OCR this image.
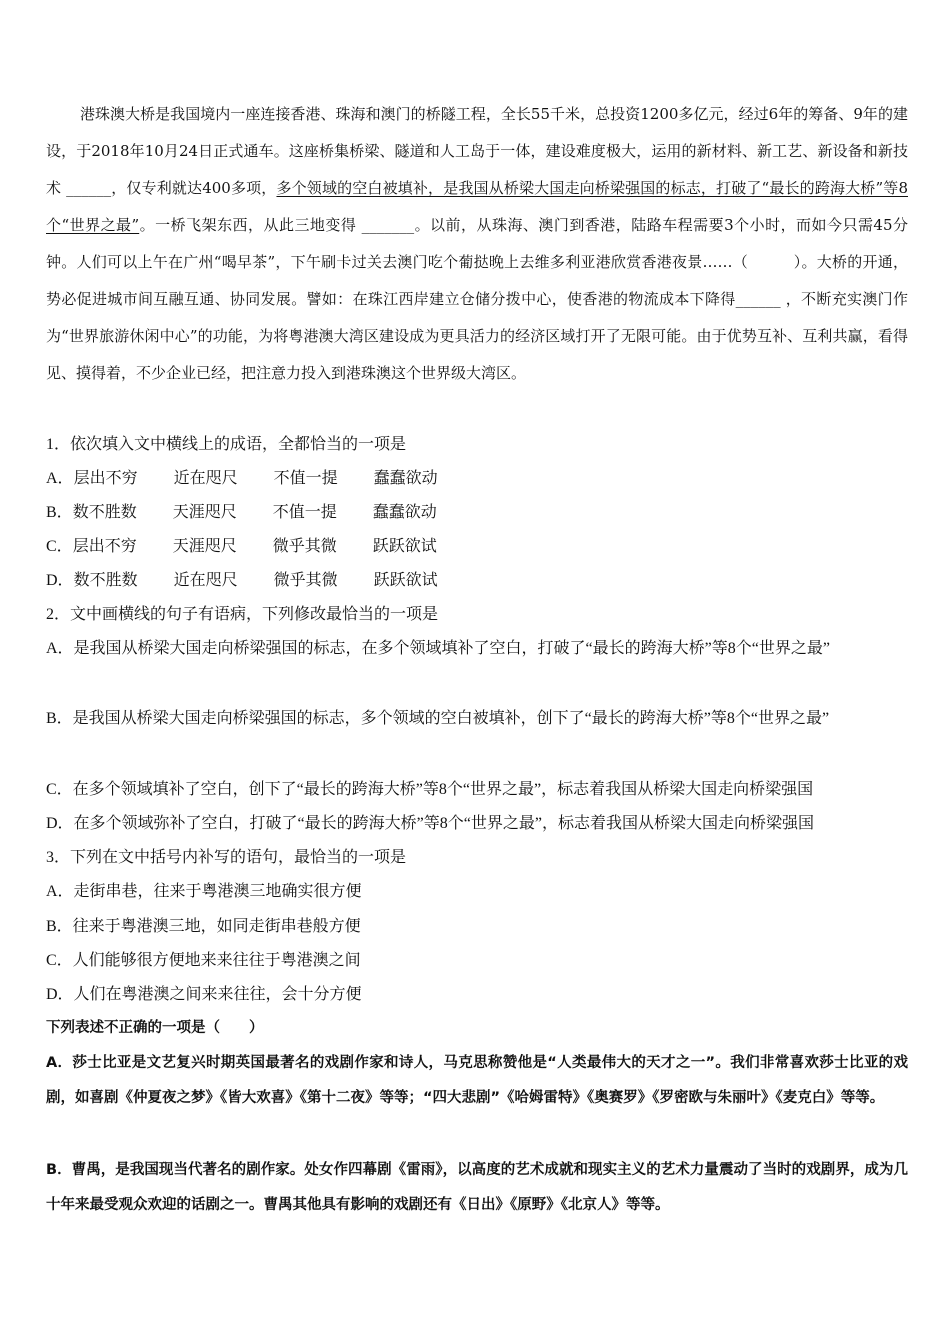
港珠澳大桥是我国境内一座连接香港、珠海和澳门的桥隧工程，全长55千米，总投资1200多亿元，经过6年的筹备、9年的建设，于2018年10月24日正式通车。这座桥集桥梁、隧道和人工岛于一体，建设难度极大，运用的新材料、新工艺、新设备和新技术 ______，仅专利就达400多项，多个领域的空白被填补，是我国从桥梁大国走向桥梁强国的标志，打破了“最长的跨海大桥”等8个“世界之最”。一桥飞架东西，从此三地变得 _______。以前，从珠海、澳门到香港，陆路车程需要3个小时，而如今只需45分钟。人们可以上午在广州“喝早茶”，下午刷卡过关去澳门吃个葡挞晚上去维多利亚港欣赏香港夜景……（　　　）。大桥的开通，势必促进城市间互融互通、协同发展。譬如：在珠江西岸建立仓储分拨中心，使香港的物流成本下降得______ ，不断充实澳门作为“世界旅游休闲中心”的功能，为将粤港澳大湾区建设成为更具活力的经济区域打开了无限可能。由于优势互补、互利共赢，看得见、摸得着，不少企业已经，把注意力投入到港珠澳这个世界级大湾区。

1．依次填入文中横线上的成语，全都恰当的一项是

A．层出不穷 近在咫尺 不值一提 蠢蠢欲动

B．数不胜数 天涯咫尺 不值一提 蠢蠢欲动

C．层出不穷 天涯咫尺 微乎其微 跃跃欲试

D．数不胜数 近在咫尺 微乎其微 跃跃欲试

2．文中画横线的句子有语病，下列修改最恰当的一项是

A．是我国从桥梁大国走向桥梁强国的标志，在多个领域填补了空白，打破了“最长的跨海大桥”等8个“世界之最”

B．是我国从桥梁大国走向桥梁强国的标志，多个领域的空白被填补，创下了“最长的跨海大桥”等8个“世界之最”

C．在多个领域填补了空白，创下了“最长的跨海大桥”等8个“世界之最”，标志着我国从桥梁大国走向桥梁强国

D．在多个领域弥补了空白，打破了“最长的跨海大桥”等8个“世界之最”，标志着我国从桥梁大国走向桥梁强国

3．下列在文中括号内补写的语句，最恰当的一项是

A．走街串巷，往来于粤港澳三地确实很方便

B．往来于粤港澳三地，如同走街串巷般方便

C．人们能够很方便地来来往往于粤港澳之间

D．人们在粤港澳之间来来往往，会十分方便

下列表述不正确的一项是（　　）

A．莎士比亚是文艺复兴时期英国最著名的戏剧作家和诗人，马克思称赞他是“人类最伟大的天才之一”。我们非常喜欢莎士比亚的戏剧，如喜剧《仲夏夜之梦》《皆大欢喜》《第十二夜》等等；“四大悲剧”《哈姆雷特》《奥赛罗》《罗密欧与朱丽叶》《麦克白》等等。

B．曹禺，是我国现当代著名的剧作家。处女作四幕剧《雷雨》，以高度的艺术成就和现实主义的艺术力量震动了当时的戏剧界，成为几十年来最受观众欢迎的话剧之一。曹禺其他具有影响的戏剧还有《日出》《原野》《北京人》等等。
